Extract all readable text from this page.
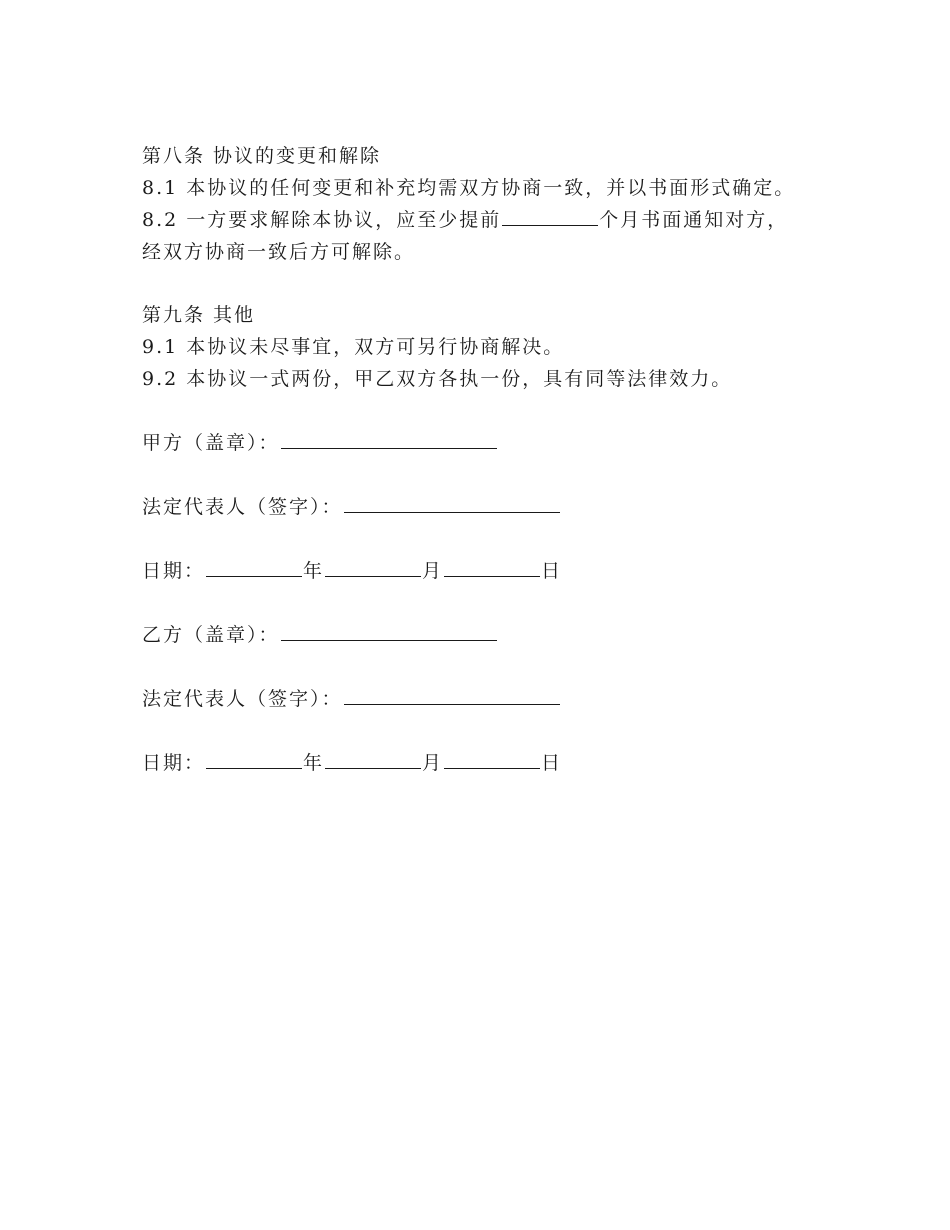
第八条 协议的变更和解除
8.1 本协议的任何变更和补充均需双方协商一致，并以书面形式确定。
8.2 一方要求解除本协议，应至少提前	个月书面通知对方，
经双方协商一致后方可解除。
第九条 其他
9.1 本协议未尽事宜，双方可另行协商解决。
9.2 本协议一式两份，甲乙双方各执一份，具有同等法律效力。
甲方（盖章）：
法定代表人（签字）：
日期：	年	月	日
乙方（盖章）：
法定代表人（签字）：
日期：	年	月	日
